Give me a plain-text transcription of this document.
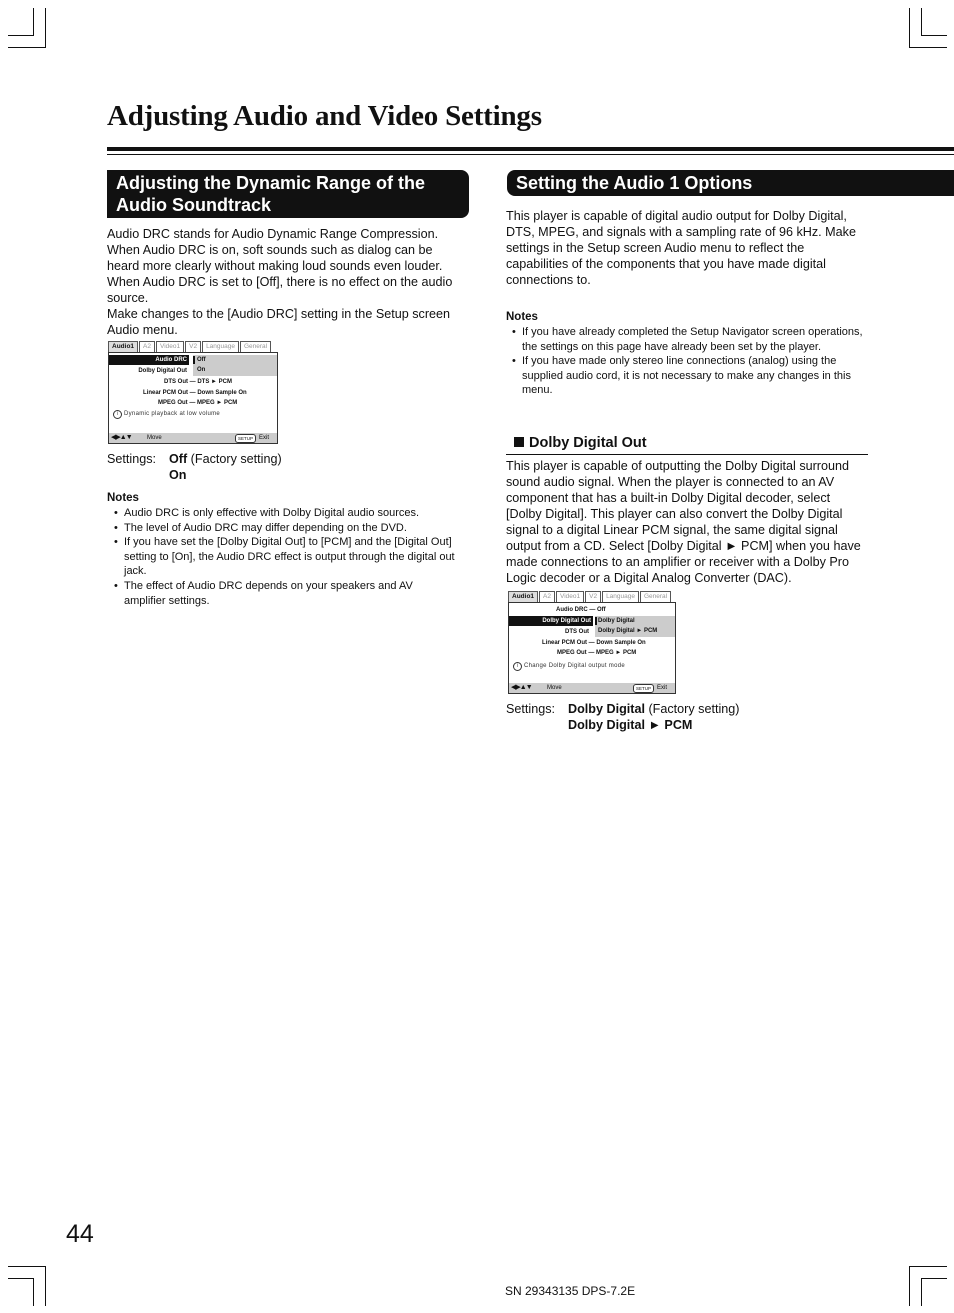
Adjusting Audio and Video Settings
Adjusting the Dynamic Range of the Audio Soundtrack

Audio DRC stands for Audio Dynamic Range Compression. When Audio DRC is on, soft sounds such as dialog can be heard more clearly without making loud sounds even louder. When Audio DRC is set to [Off], there is no effect on the audio source.

Make changes to the [Audio DRC] setting in the Setup screen Audio menu.

Audio1	A2	Video1	V2	Language	General
Audio DRC	Off
Dolby Digital Out	On
DTS Out — DTS ► PCM
Linear PCM Out — Down Sample On
MPEG Out — MPEG ► PCM
i Dynamic playback at low volume
◀▶▲▼	Move	SETUP Exit
Settings: Off (Factory setting)
On
Notes
• Audio DRC is only effective with Dolby Digital audio sources.
• The level of Audio DRC may differ depending on the DVD.
• If you have set the [Dolby Digital Out] to [PCM] and the [Digital Out] setting to [On], the Audio DRC effect is output through the digital out jack.
• The effect of Audio DRC depends on your speakers and AV amplifier settings.
Setting the Audio 1 Options
This player is capable of digital audio output for Dolby Digital, DTS, MPEG, and signals with a sampling rate of 96 kHz. Make settings in the Setup screen Audio menu to reflect the capabilities of the components that you have made digital connections to.
Notes
• If you have already completed the Setup Navigator screen operations, the settings on this page have already been set by the player.
• If you have made only stereo line connections (analog) using the supplied audio cord, it is not necessary to make any changes in this menu.
Dolby Digital Out
This player is capable of outputting the Dolby Digital surround sound audio signal. When the player is connected to an AV component that has a built-in Dolby Digital decoder, select [Dolby Digital]. This player can also convert the Dolby Digital signal to a digital Linear PCM signal, the same digital signal output from a CD. Select [Dolby Digital ► PCM] when you have made connections to an amplifier or receiver with a Dolby Pro Logic decoder or a Digital Analog Converter (DAC).
Audio1	A2	Video1	V2	Language	General
Audio DRC — Off
Dolby Digital Out	Dolby Digital
DTS Out	Dolby Digital ► PCM
Linear PCM Out — Down Sample On
MPEG Out — MPEG ► PCM
i Change Dolby Digital output mode
◀▶▲▼	Move	SETUP Exit
Settings: Dolby Digital (Factory setting)
Dolby Digital ► PCM
44
SN 29343135 DPS-7.2E
